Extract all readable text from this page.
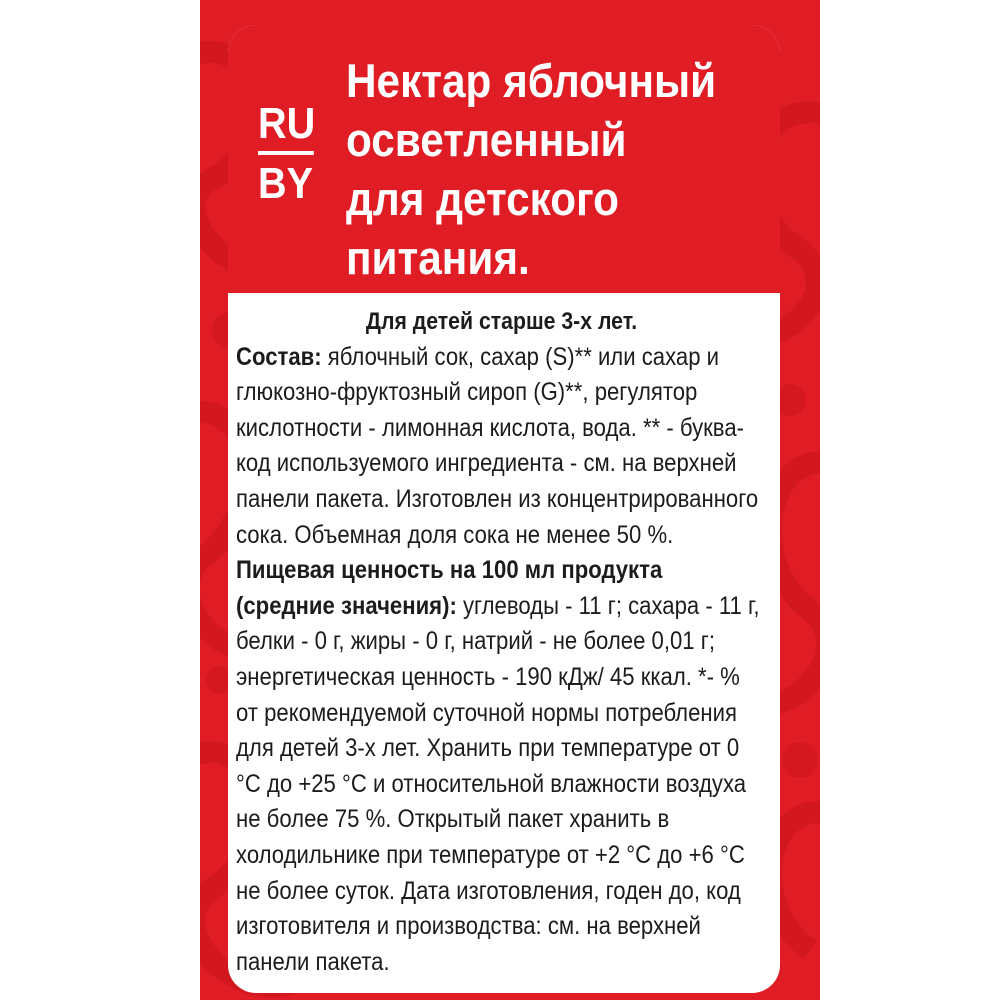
RU
BY
Нектар яблочный
осветленный
для детского
питания.
Для детей старше 3-х лет.
Состав: яблочный сок, сахар (S)** или сахар и глюкозно-фруктозный сироп (G)**, регулятор кислотности - лимонная кислота, вода. ** - буква-код используемого ингредиента - см. на верхней панели пакета. Изготовлен из концентрированного сока. Объемная доля сока не менее 50 %. Пищевая ценность на 100 мл продукта (средние значения): углеводы - 11 г; сахара - 11 г, белки - 0 г, жиры - 0 г, натрий - не более 0,01 г; энергетическая ценность - 190 кДж/ 45 ккал. *- % от рекомендуемой суточной нормы потребления для детей 3-х лет. Хранить при температуре от 0 °С до +25 °С и относительной влажности воздуха не более 75 %. Открытый пакет хранить в холодильнике при температуре от +2 °С до +6 °С не более суток. Дата изготовления, годен до, код изготовителя и производства: см. на верхней панели пакета.
